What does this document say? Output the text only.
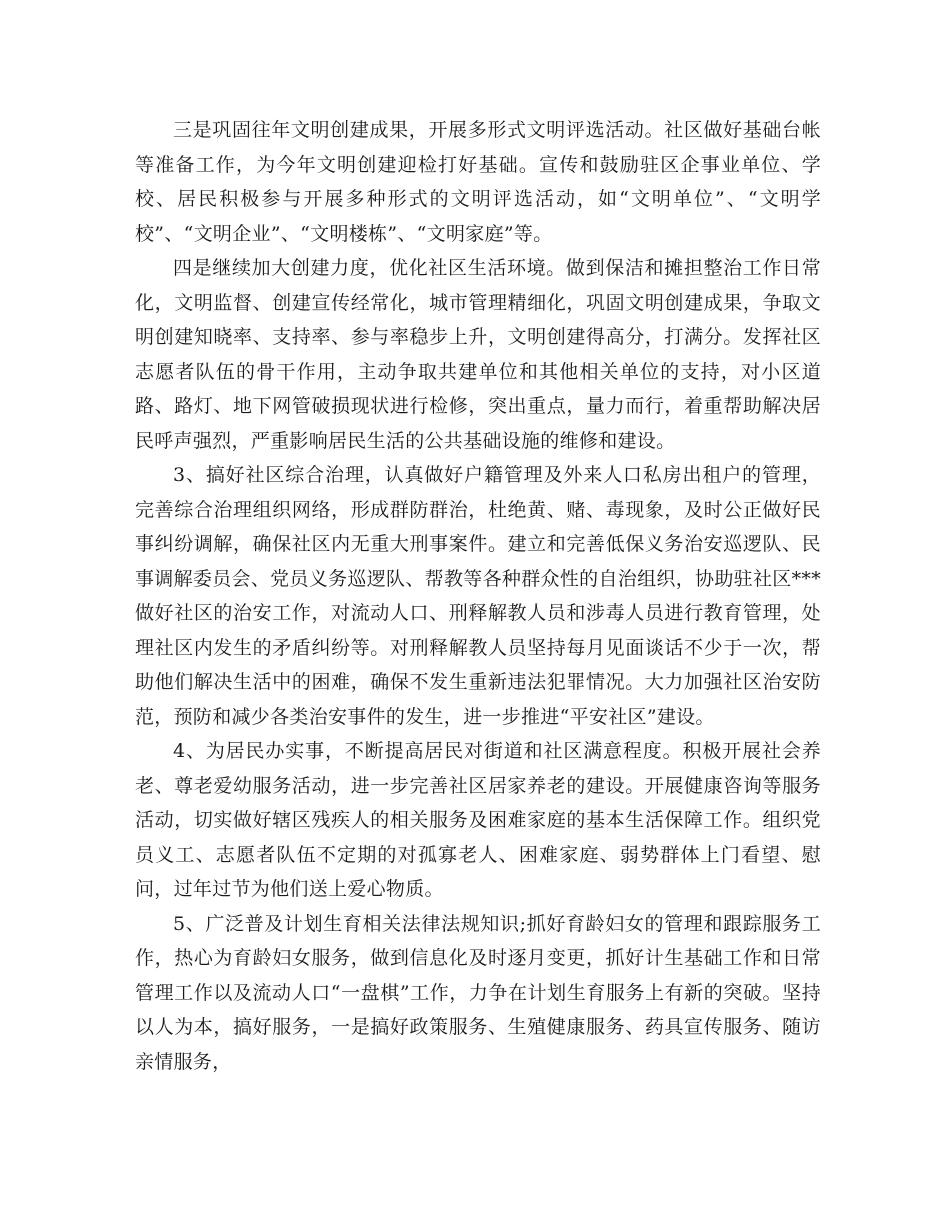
三是巩固往年文明创建成果，开展多形式文明评选活动。社区做好基础台帐等准备工作，为今年文明创建迎检打好基础。宣传和鼓励驻区企事业单位、学校、居民积极参与开展多种形式的文明评选活动，如“文明单位”、“文明学校”、“文明企业”、“文明楼栋”、“文明家庭”等。

四是继续加大创建力度，优化社区生活环境。做到保洁和摊担整治工作日常化，文明监督、创建宣传经常化，城市管理精细化，巩固文明创建成果，争取文明创建知晓率、支持率、参与率稳步上升，文明创建得高分，打满分。发挥社区志愿者队伍的骨干作用，主动争取共建单位和其他相关单位的支持，对小区道路、路灯、地下网管破损现状进行检修，突出重点，量力而行，着重帮助解决居民呼声强烈，严重影响居民生活的公共基础设施的维修和建设。

3、搞好社区综合治理，认真做好户籍管理及外来人口私房出租户的管理，完善综合治理组织网络，形成群防群治，杜绝黄、赌、毒现象，及时公正做好民事纠纷调解，确保社区内无重大刑事案件。建立和完善低保义务治安巡逻队、民事调解委员会、党员义务巡逻队、帮教等各种群众性的自治组织，协助驻社区***做好社区的治安工作，对流动人口、刑释解教人员和涉毒人员进行教育管理，处理社区内发生的矛盾纠纷等。对刑释解教人员坚持每月见面谈话不少于一次，帮助他们解决生活中的困难，确保不发生重新违法犯罪情况。大力加强社区治安防范，预防和减少各类治安事件的发生，进一步推进“平安社区”建设。

4、为居民办实事，不断提高居民对街道和社区满意程度。积极开展社会养老、尊老爱幼服务活动，进一步完善社区居家养老的建设。开展健康咨询等服务活动，切实做好辖区残疾人的相关服务及困难家庭的基本生活保障工作。组织党员义工、志愿者队伍不定期的对孤寡老人、困难家庭、弱势群体上门看望、慰问，过年过节为他们送上爱心物质。

5、广泛普及计划生育相关法律法规知识;抓好育龄妇女的管理和跟踪服务工作，热心为育龄妇女服务，做到信息化及时逐月变更，抓好计生基础工作和日常管理工作以及流动人口“一盘棋”工作，力争在计划生育服务上有新的突破。坚持以人为本，搞好服务，一是搞好政策服务、生殖健康服务、药具宣传服务、随访亲情服务，
